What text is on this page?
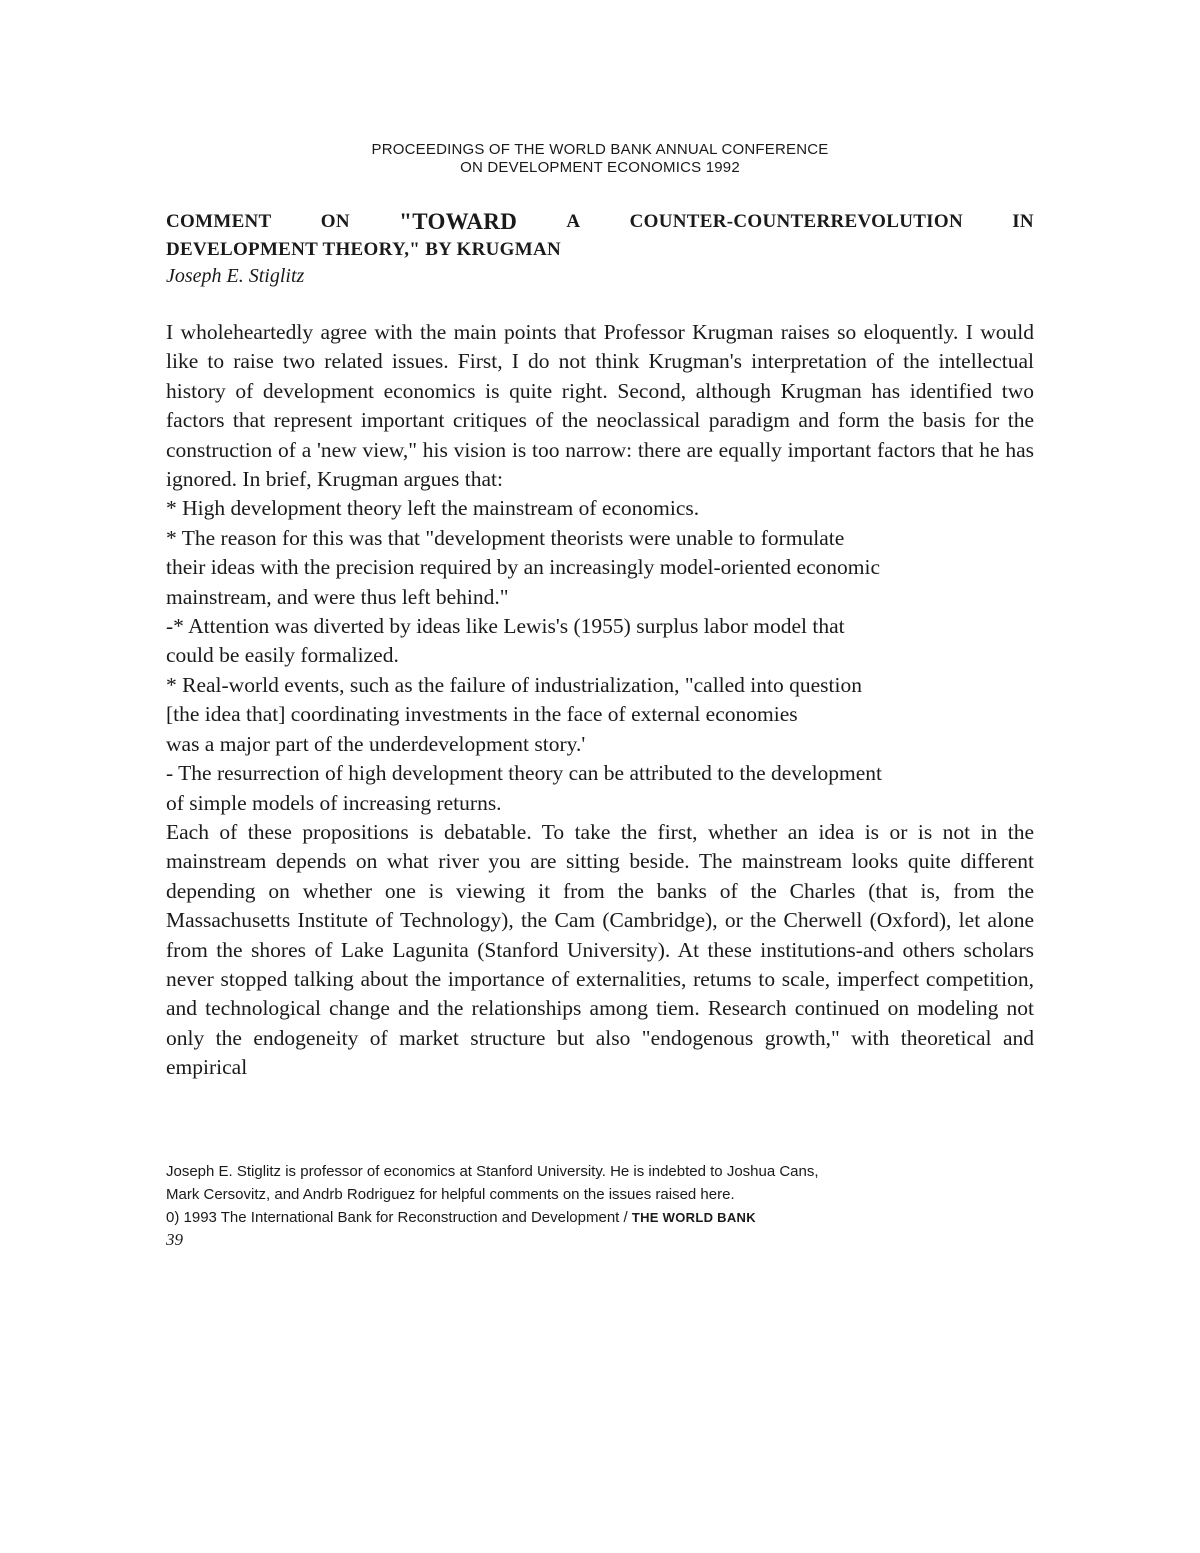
PROCEEDINGS OF THE WORLD BANK ANNUAL CONFERENCE
ON DEVELOPMENT ECONOMICS 1992
COMMENT	ON "TOWARD	A	COUNTER-COUNTERREVOLUTION	IN
DEVELOPMENT THEORY," BY KRUGMAN
Joseph E. Stiglitz

I wholeheartedly agree with the main points that Professor Krugman raises so eloquently. I would like to raise two related issues. First, I do not think Krugman's interpretation of the intellectual history of development economics is quite right. Second, although Krugman has identified two factors that represent important critiques of the neoclassical paradigm and form the basis for the construction of a 'new view," his vision is too narrow: there are equally important factors that he has ignored. In brief, Krugman argues that:

* High development theory left the mainstream of economics.

* The reason for this was that "development theorists were unable to formulate
their ideas with the precision required by an increasingly model-oriented economic
mainstream, and were thus left behind."

-* Attention was diverted by ideas like Lewis's (1955) surplus labor model that
could be easily formalized.

* Real-world events, such as the failure of industrialization, "called into question
[the idea that] coordinating investments in the face of external economies
was a major part of the underdevelopment story.'

- The resurrection of high development theory can be attributed to the development
of simple models of increasing returns.

Each of these propositions is debatable. To take the first, whether an idea is or is not in the mainstream depends on what river you are sitting beside. The mainstream looks quite different depending on whether one is viewing it from the banks of the Charles (that is, from the Massachusetts Institute of Technology), the Cam (Cambridge), or the Cherwell (Oxford), let alone from the shores of Lake Lagunita (Stanford University). At these institutions-and others scholars never stopped talking about the importance of externalities, retums to scale, imperfect competition, and technological change and the relationships among tiem. Research continued on modeling not only the endogeneity of market structure but also "endogenous growth," with theoretical and empirical

Joseph E. Stiglitz is professor of economics at Stanford University. He is indebted to Joshua Cans,
Mark Cersovitz, and Andrb Rodriguez for helpful comments on the issues raised here.
0) 1993 The International Bank for Reconstruction and Development / THE WORLD BANK
39
